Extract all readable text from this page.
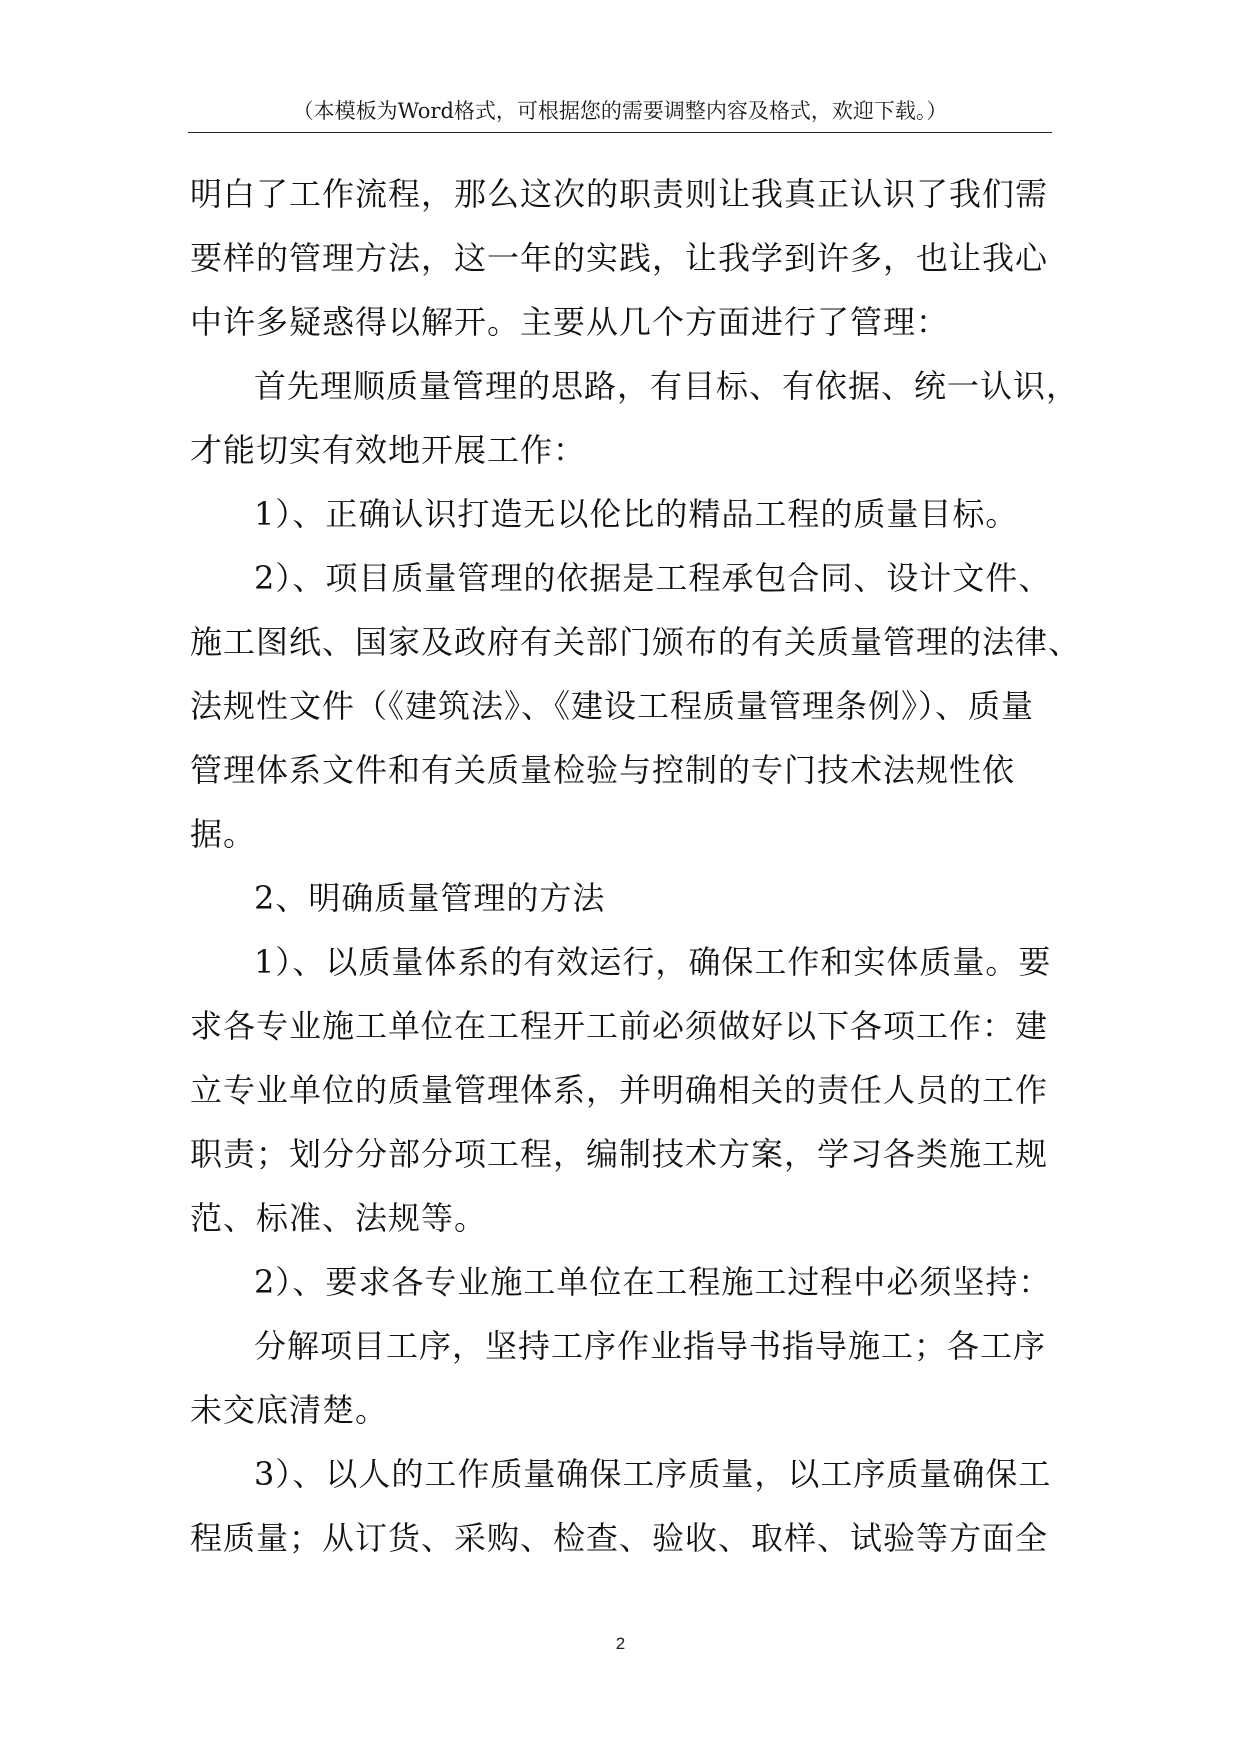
（本模板为Word格式，可根据您的需要调整内容及格式，欢迎下载。）
明白了工作流程，那么这次的职责则让我真正认识了我们需
要样的管理方法，这一年的实践，让我学到许多，也让我心
中许多疑惑得以解开。主要从几个方面进行了管理：
首先理顺质量管理的思路，有目标、有依据、统一认识，
才能切实有效地开展工作：
1）、正确认识打造无以伦比的精品工程的质量目标。
2）、项目质量管理的依据是工程承包合同、设计文件、
施工图纸、国家及政府有关部门颁布的有关质量管理的法律、
法规性文件（《建筑法》、《建设工程质量管理条例》）、质量
管理体系文件和有关质量检验与控制的专门技术法规性依
据。
2、明确质量管理的方法
1）、以质量体系的有效运行，确保工作和实体质量。要
求各专业施工单位在工程开工前必须做好以下各项工作：建
立专业单位的质量管理体系，并明确相关的责任人员的工作
职责；划分分部分项工程，编制技术方案，学习各类施工规
范、标准、法规等。
2）、要求各专业施工单位在工程施工过程中必须坚持：
分解项目工序，坚持工序作业指导书指导施工；各工序
未交底清楚。
3）、以人的工作质量确保工序质量，以工序质量确保工
程质量；从订货、采购、检查、验收、取样、试验等方面全
2
